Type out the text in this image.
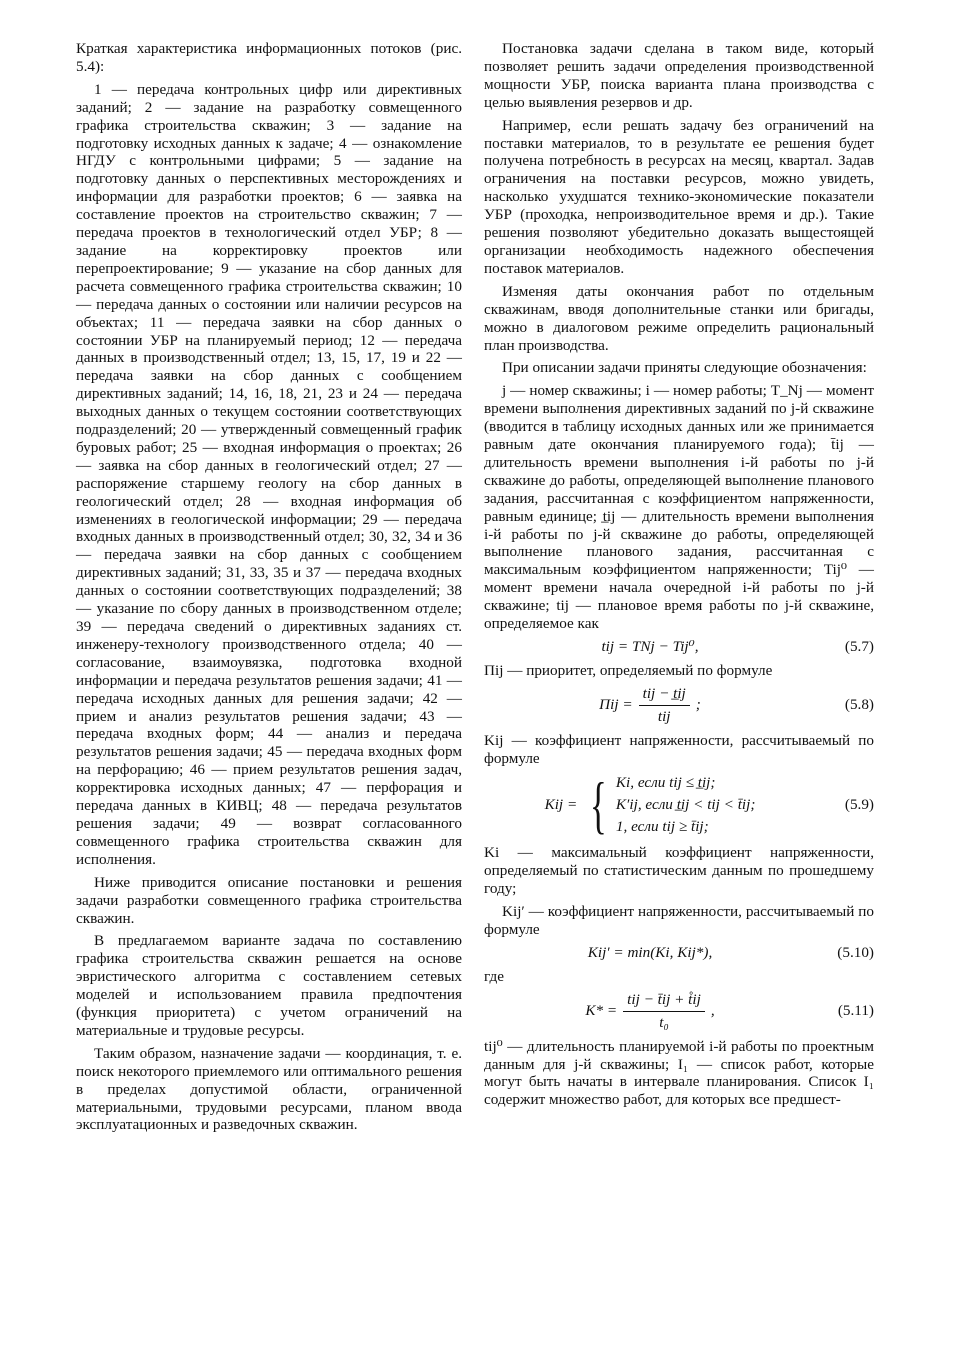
Краткая характеристика информационных потоков (рис. 5.4):

1 — передача контрольных цифр или директивных заданий; 2 — задание на разработку совмещенного графика строительства скважин; 3 — задание на подготовку исходных данных к задаче; 4 — ознакомление НГДУ с контрольными цифрами; 5 — задание на подготовку данных о перспективных месторождениях и информации для разработки проектов; 6 — заявка на составление проектов на строительство скважин; 7 — передача проектов в технологический отдел УБР; 8 — задание на корректировку проектов или перепроектирование; 9 — указание на сбор данных для расчета совмещенного графика строительства скважин; 10 — передача данных о состоянии или наличии ресурсов на объектах; 11 — передача заявки на сбор данных о состоянии УБР на планируемый период; 12 — передача данных в производственный отдел; 13, 15, 17, 19 и 22 — передача заявки на сбор данных с сообщением директивных заданий; 14, 16, 18, 21, 23 и 24 — передача выходных данных о текущем состоянии соответствующих подразделений; 20 — утвержденный совмещенный график буровых работ; 25 — входная информация о проектах; 26 — заявка на сбор данных в геологический отдел; 27 — распоряжение старшему геологу на сбор данных в геологический отдел; 28 — входная информация об изменениях в геологической информации; 29 — передача входных данных в производственный отдел; 30, 32, 34 и 36 — передача заявки на сбор данных с сообщением директивных заданий; 31, 33, 35 и 37 — передача входных данных о состоянии соответствующих подразделений; 38 — указание по сбору данных в производственном отделе; 39 — передача сведений о директивных заданиях ст. инженеру-технологу производственного отдела; 40 — согласование, взаимоувязка, подготовка входной информации и передача результатов решения задачи; 41 — передача исходных данных для решения задачи; 42 — прием и анализ результатов решения задачи; 43 — передача входных форм; 44 — анализ и передача результатов решения задачи; 45 — передача входных форм на перфорацию; 46 — прием результатов решения задач, корректировка исходных данных; 47 — перфорация и передача данных в КИВЦ; 48 — передача результатов решения задачи; 49 — возврат согласованного совмещенного графика строительства скважин для исполнения.

Ниже приводится описание постановки и решения задачи разработки совмещенного графика строительства скважин.

В предлагаемом варианте задача по составлению графика строительства скважин решается на основе эвристического алгоритма с составлением сетевых моделей и использованием правила предпочтения (функция приоритета) с учетом ограничений на материальные и трудовые ресурсы.

Таким образом, назначение задачи — координация, т. е. поиск некоторого приемлемого или оптимального решения в пределах допустимой области, ограниченной материальными, трудовыми ресурсами, планом ввода эксплуатационных и разведочных скважин.

Постановка задачи сделана в таком виде, который позволяет решить задачи определения производственной мощности УБР, поиска варианта плана производства с целью выявления резервов и др.

Например, если решать задачу без ограничений на поставки материалов, то в результате ее решения будет получена потребность в ресурсах на месяц, квартал. Задав ограничения на поставки ресурсов, можно увидеть, насколько ухудшатся технико-экономические показатели УБР (проходка, непроизводительное время и др.). Такие решения позволяют убедительно доказать выщестоящей организации необходимость надежного обеспечения поставок материалов.

Изменяя даты окончания работ по отдельным скважинам, вводя дополнительные станки или бригады, можно в диалоговом режиме определить рациональный план производства.

При описании задачи приняты следующие обозначения:

j — номер скважины; i — номер работы; T_Nj — момент времени выполнения директивных заданий по j-й скважине (вводится в таблицу исходных данных или же принимается равным дате окончания планируемого года); t̄ij — длительность времени выполнения i-й работы по j-й скважине до работы, определяющей выполнение планового задания, рассчитанная с коэффициентом напряженности, равным единице; t̲ij — длительность времени выполнения i-й работы по j-й скважине до работы, определяющей выполнение планового задания, рассчитанная с максимальным коэффициентом напряженности; Tij⁰ — момент времени начала очередной i-й работы по j-й скважине; tij — плановое время работы по j-й скважине, определяемое как

tij = TNj − Tij⁰,	(5.7)

Пij — приоритет, определяемый по формуле

Пij = $\frac{\text{tij − t̲ij}}{\text{tij}}$ ;	(5.8)

Kij — коэффициент напряженности, рассчитываемый по формуле

Kij = { Ki, если tij ≤ t̲ij;
K′ij, если t̲ij < tij < t̄ij;
1, если tij ≥ t̄ij;
(5.9)

Ki — максимальный коэффициент напряженности, определяемый по статистическим данным по прошедшему году;

Kij′ — коэффициент напряженности, рассчитываемый по формуле

Kij′ = min(Ki, Kij*),	(5.10)

где

$K* = \frac{\text{tij − t̄ij + t̊ij}}{\text{t₀}}$ ,	(5.11)

tij⁰ — длительность планируемой i-й работы по проектным данным для j-й скважины; I₁ — список работ, которые могут быть начаты в интервале планирования. Список I₁ содержит множество работ, для которых все предшест-
